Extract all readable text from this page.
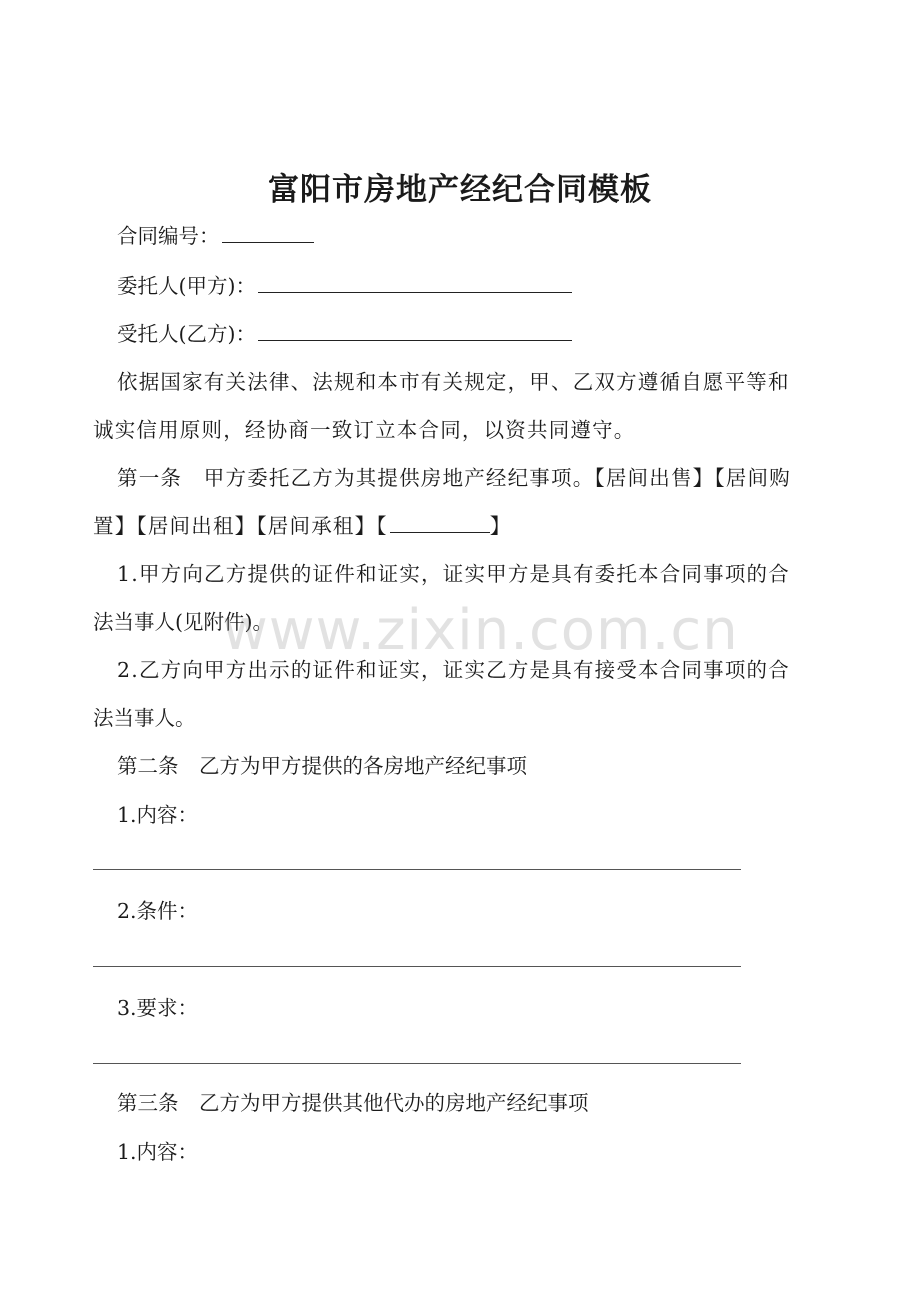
富阳市房地产经纪合同模板
合同编号：
委托人(甲方)：
受托人(乙方)：
依据国家有关法律、法规和本市有关规定，甲、乙双方遵循自愿平等和
诚实信用原则，经协商一致订立本合同，以资共同遵守。
第一条　甲方委托乙方为其提供房地产经纪事项。【居间出售】【居间购
置】【居间出租】【居间承租】【	】
1.甲方向乙方提供的证件和证实，证实甲方是具有委托本合同事项的合
法当事人(见附件)。
2.乙方向甲方出示的证件和证实，证实乙方是具有接受本合同事项的合
法当事人。
第二条　乙方为甲方提供的各房地产经纪事项
1.内容：
2.条件：
3.要求：
第三条　乙方为甲方提供其他代办的房地产经纪事项
1.内容：
www.zixin.com.cn
